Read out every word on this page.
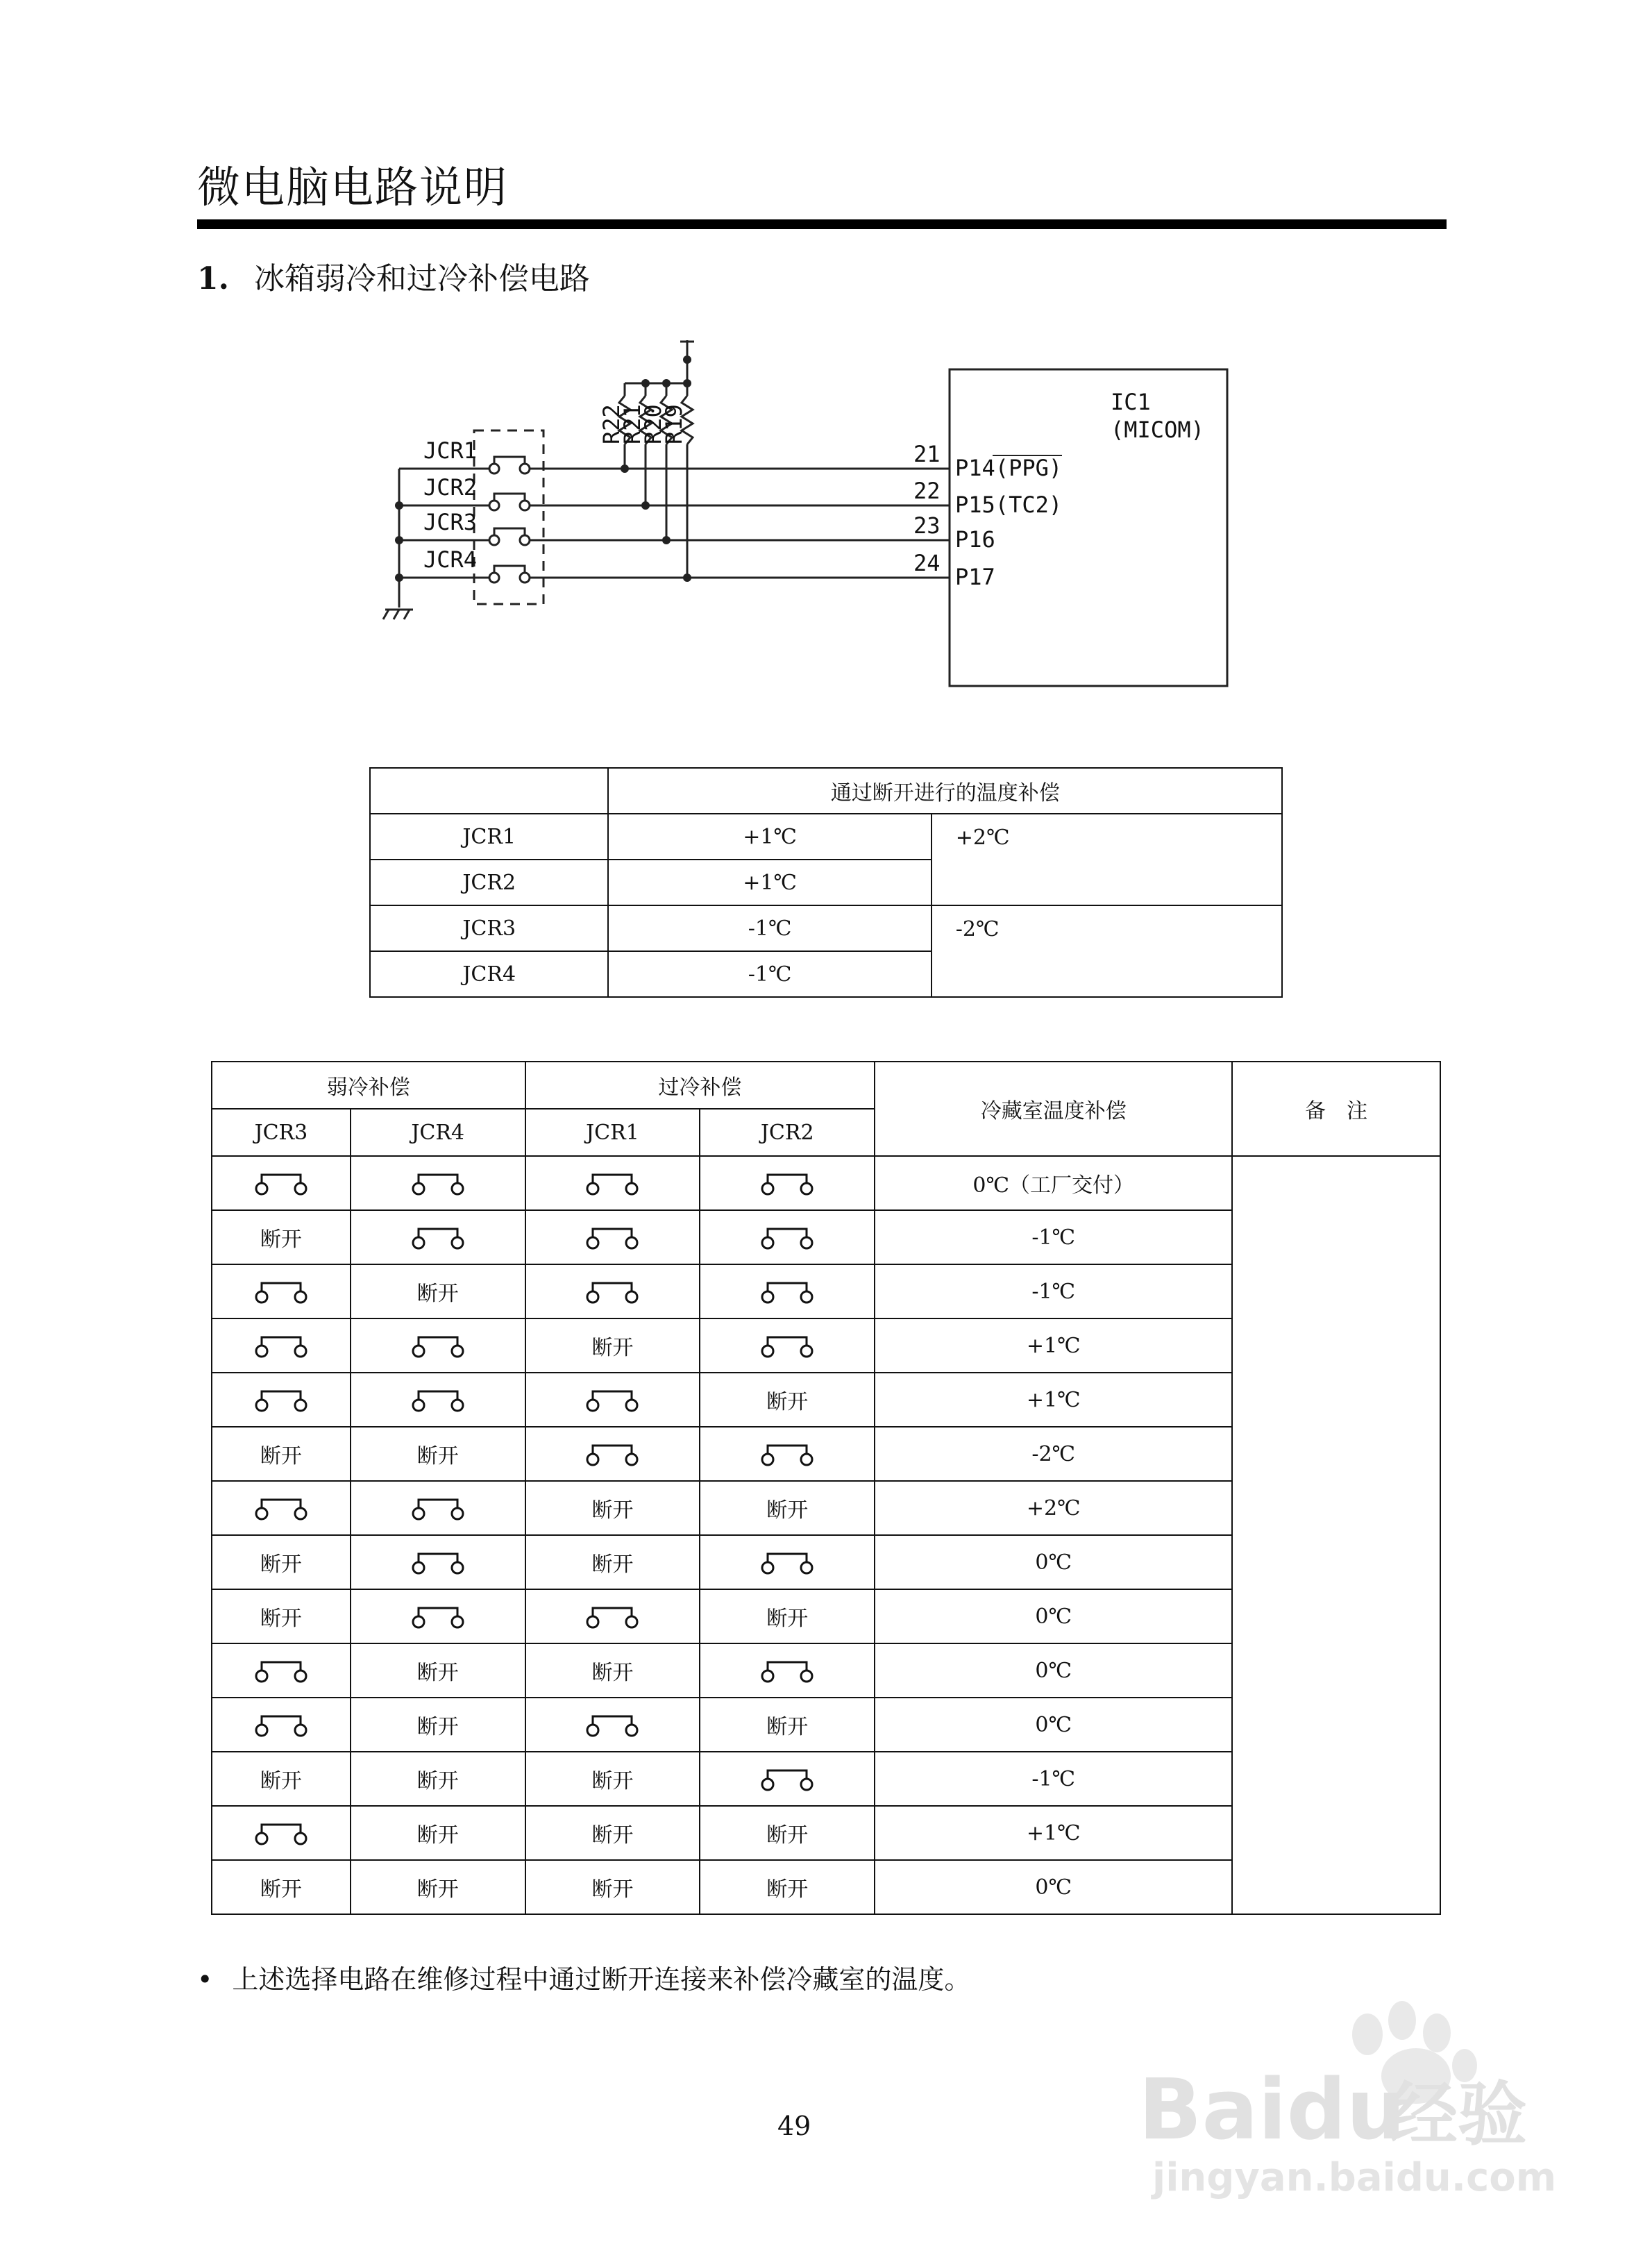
微电脑电路说明
1. 冰箱弱冷和过冷补偿电路
JCR1
JCR2
JCR3
JCR4
R22
R21
R20
R19
21
22
23
24
P14(PPG)
P15(TC2)
P16
P17
IC1
(MICOM)
	通过断开进行的温度补偿	
JCR1	+1℃	+2℃
JCR2	+1℃	
JCR3	-1℃	-2℃
JCR4	-1℃	
弱冷补偿		过冷补偿		冷藏室温度补偿	备　注
JCR3	JCR4	JCR1	JCR2		
				0℃（工厂交付）	
断开				-1℃	
	断开			-1℃	
		断开		+1℃	
			断开	+1℃	
断开	断开			-2℃	
		断开	断开	+2℃	
断开		断开		0℃	
断开			断开	0℃	
	断开	断开		0℃	
	断开		断开	0℃	
断开	断开	断开		-1℃	
	断开	断开	断开	+1℃	
断开	断开	断开	断开	0℃	
• 上述选择电路在维修过程中通过断开连接来补偿冷藏室的温度。
49	Baidu
经验
jingyan.baidu.com
